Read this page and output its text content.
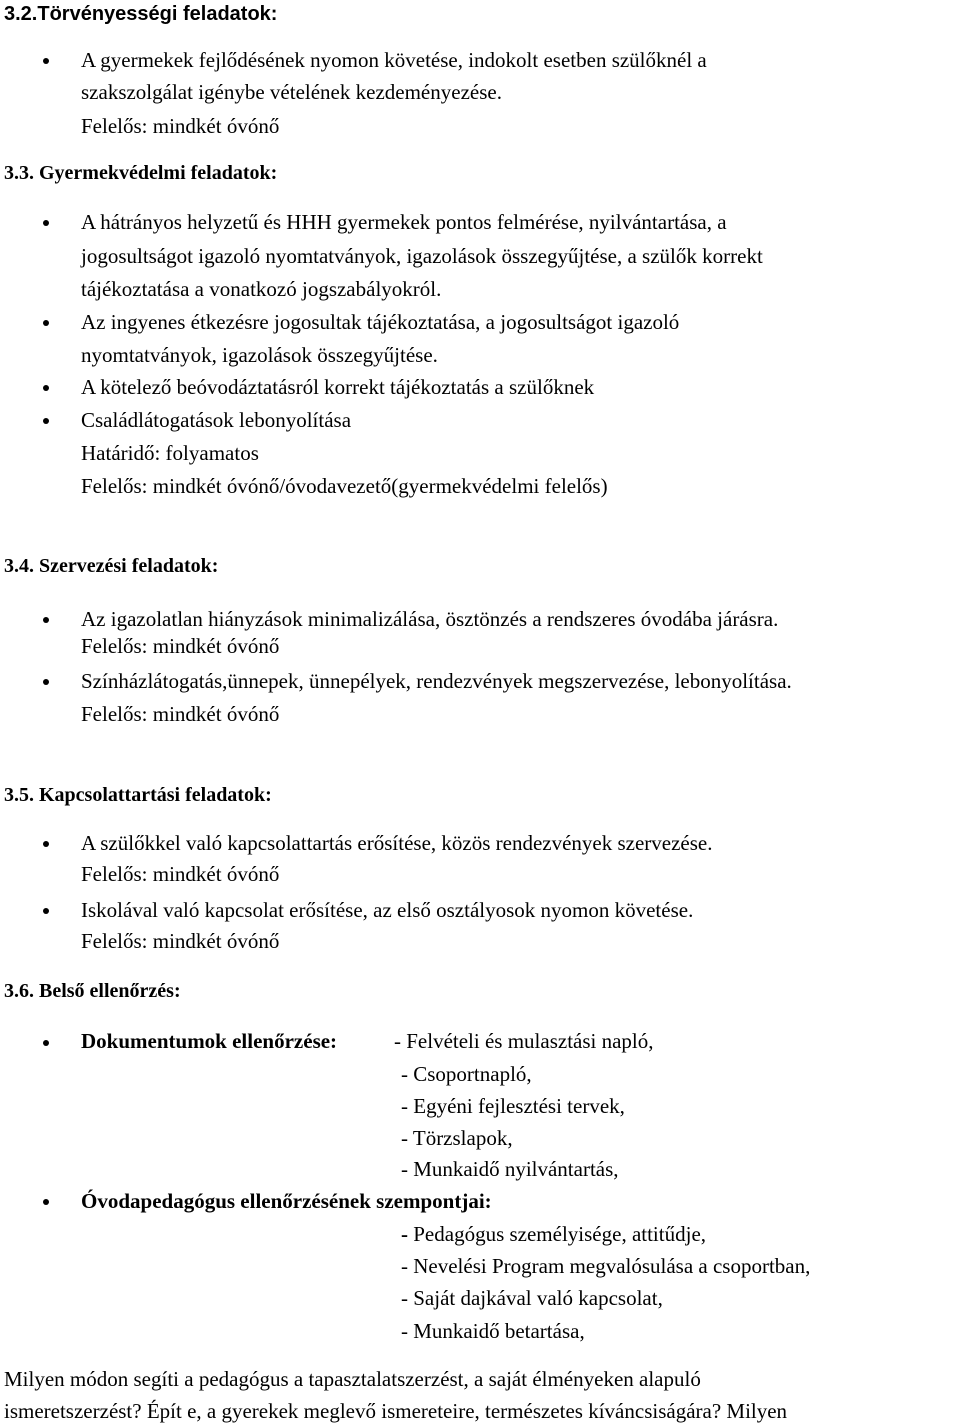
3.2.Törvényességi feladatok:
A gyermekek fejlődésének nyomon követése, indokolt esetben szülőknél a
szakszolgálat igénybe vételének kezdeményezése.
Felelős: mindkét óvónő
3.3. Gyermekvédelmi feladatok:
A hátrányos helyzetű és HHH gyermekek pontos felmérése, nyilvántartása, a
jogosultságot igazoló nyomtatványok, igazolások összegyűjtése, a szülők korrekt
tájékoztatása a vonatkozó jogszabályokról.
Az ingyenes étkezésre jogosultak tájékoztatása, a jogosultságot igazoló
nyomtatványok, igazolások összegyűjtése.
A kötelező beóvodáztatásról korrekt tájékoztatás a szülőknek
Családlátogatások lebonyolítása
Határidő: folyamatos
Felelős: mindkét óvónő/óvodavezető(gyermekvédelmi felelős)
3.4. Szervezési feladatok:
Az igazolatlan hiányzások minimalizálása, ösztönzés a rendszeres óvodába járásra.
Felelős: mindkét óvónő
Színházlátogatás,ünnepek, ünnepélyek, rendezvények megszervezése, lebonyolítása.
Felelős: mindkét óvónő
3.5. Kapcsolattartási feladatok:
A szülőkkel való kapcsolattartás erősítése, közös rendezvények szervezése.
Felelős: mindkét óvónő
Iskolával való kapcsolat erősítése, az első osztályosok nyomon követése.
Felelős: mindkét óvónő
3.6. Belső ellenőrzés:
Dokumentumok ellenőrzése:	- Felvételi és mulasztási napló,
- Csoportnapló,
- Egyéni fejlesztési tervek,
- Törzslapok,
- Munkaidő nyilvántartás,
Óvodapedagógus ellenőrzésének szempontjai:
- Pedagógus személyisége, attitűdje,
- Nevelési Program megvalósulása a csoportban,
- Saját dajkával való kapcsolat,
- Munkaidő betartása,
Milyen módon segíti a pedagógus a tapasztalatszerzést, a saját élményeken alapuló
ismeretszerzést? Épít e, a gyerekek meglevő ismereteire, természetes kíváncsiságára? Milyen
